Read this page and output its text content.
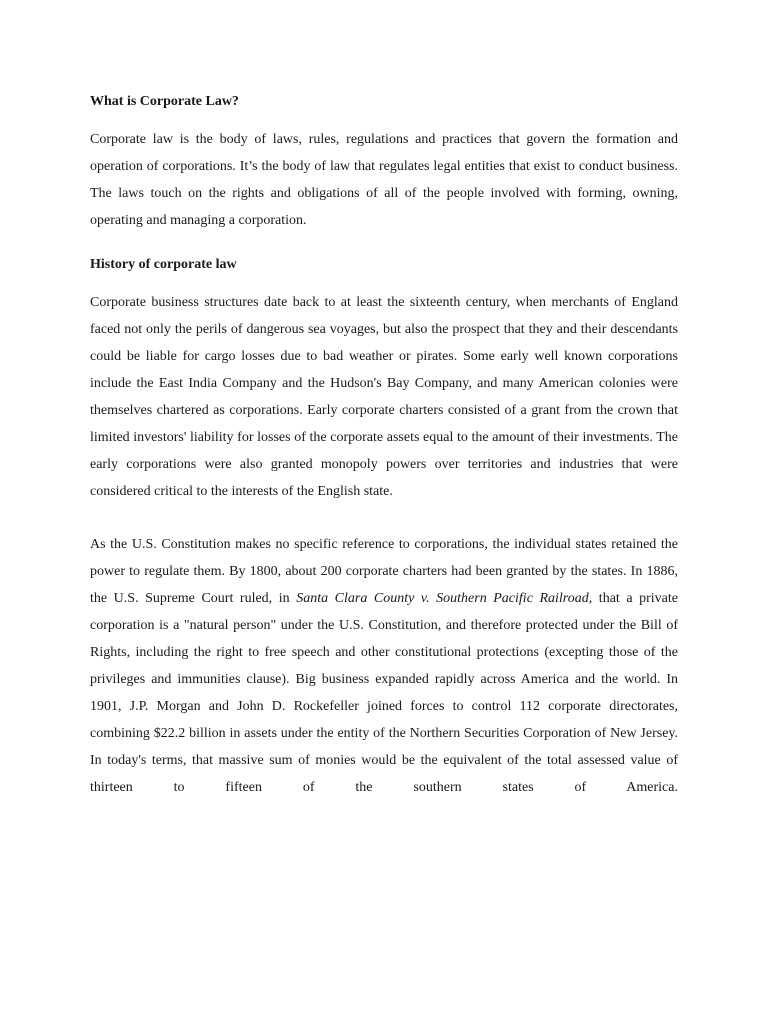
What is Corporate Law?

Corporate law is the body of laws, rules, regulations and practices that govern the formation and operation of corporations. It’s the body of law that regulates legal entities that exist to conduct business. The laws touch on the rights and obligations of all of the people involved with forming, owning, operating and managing a corporation.

History of corporate law

Corporate business structures date back to at least the sixteenth century, when merchants of England faced not only the perils of dangerous sea voyages, but also the prospect that they and their descendants could be liable for cargo losses due to bad weather or pirates. Some early well known corporations include the East India Company and the Hudson's Bay Company, and many American colonies were themselves chartered as corporations. Early corporate charters consisted of a grant from the crown that limited investors' liability for losses of the corporate assets equal to the amount of their investments. The early corporations were also granted monopoly powers over territories and industries that were considered critical to the interests of the English state.

As the U.S. Constitution makes no specific reference to corporations, the individual states retained the power to regulate them. By 1800, about 200 corporate charters had been granted by the states. In 1886, the U.S. Supreme Court ruled, in Santa Clara County v. Southern Pacific Railroad, that a private corporation is a "natural person" under the U.S. Constitution, and therefore protected under the Bill of Rights, including the right to free speech and other constitutional protections (excepting those of the privileges and immunities clause). Big business expanded rapidly across America and the world. In 1901, J.P. Morgan and John D. Rockefeller joined forces to control 112 corporate directorates, combining $22.2 billion in assets under the entity of the Northern Securities Corporation of New Jersey. In today's terms, that massive sum of monies would be the equivalent of the total assessed value of thirteen to fifteen of the southern states of America.
